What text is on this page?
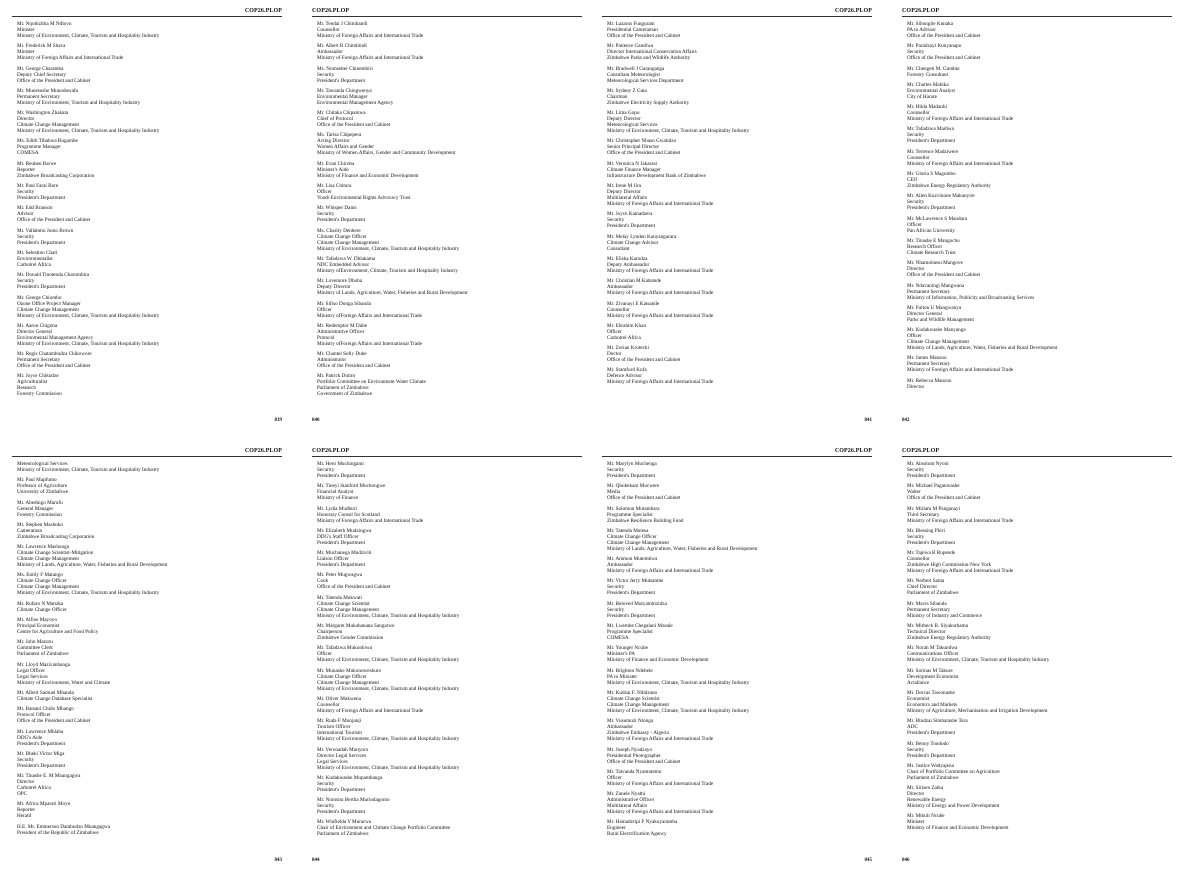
COP26.PLOP
Mr. Nqobizitha M Ndlovu
Minister
Ministry of Environment, Climate, Tourism and Hospitality Industry
Mr. Frederick M Shava
Minister
Ministry of Foreign Affairs and International Trade
Mr. George Charamba
Deputy Chief Secretary
Office of the President and Cabinet
Mr. Munesushe Munodawafa
Permanent Secretary
Ministry of Environment, Tourism and Hospitality Industry
Mr. Washington Zhakata
Director
Climate Change Management
Ministry of Environment, Climate, Tourism and Hospitality Industry
Ms. Edith Tibahwa Bugambe
Programme Manager
COMESA
Mr. Reuben Barwe
Reporter
Zimbabwe Broadcasting Corporation
Mr. Paul Farai Bore
Security
President's Department
Mr. Edd Branson
Advisor
Office of the President and Cabinet
Mr. Vallabmo Jonio Brown
Security
President's Department
Mr. Selestino Chari
Environmentalist
Carbotrel Africa
Mr. Donald Tinotenda Charumbira
Security
President's Department
Mr. George Chiombo
Ozone Office Project Manager
Climate Change Management
Ministry of Environment, Climate, Tourism and Hospitality Industry
Mr. Aaron Chigona
Director General
Environmental Management Agency
Ministry of Environment, Climate, Tourism and Hospitality Industry
Mr. Regis Chatambudza Chikowore
Permanent Secretary
Office of the President and Cabinet
Mr. Joyce Chikudze
Agriculturalist
Research
Forestry Commission
839
COP26.PLOP
Mr. Tendai J Chimbandi
Counsellor
Ministry of Foreign Affairs and International Trade
Mr. Albert R Chimbindi
Ambassador
Ministry of Foreign Affairs and International Trade
Ms. Nomsetter Chinembiri
Security
President's Department
Mr. Tawanda Chingwenya
Environmental Manager
Environmental Management Agency
Mr. Chitaka Chipamwa
Chief of Protocol
Office of the President and Cabinet
Ms. Tarisa Chipepera
Acting Director
Women Affairs and Gender
Ministry of Women Affairs, Gender and Community Development
Mr. Evan Chiroba
Minister's Aide
Ministry of Finance and Economic Development
Mr. Lisa Chitura
Officer
Youth Environmental Rights Advocacy Trust
Mr. Whisper Dams
Security
President's Department
Ms. Charity Denhere
Climate Change Officer
Climate Change Management
Ministry of Environment, Climate, Tourism and Hospitality Industry
Mr. Tafadzwa W. Dhlakama
NDC Embedded Advisor
Ministry ofEnvironment, Climate, Tourism and Hospitality Industry
Mr. Lovemore Dhoba
Deputy Director
Ministry of Lands, Agriculture, Water, Fisheries and Rural Development
Mr. Sifiso Donga Sibanda
Officer
Ministry ofForeign Affairs and International Trade
Mr. Redemptor M Dube
Administrative Officer
Protocol
Ministry ofForeign Affairs and International Trade
Mr. Chantel Solly Dube
Administrator
Office of the President and Cabinet
Mr. Patrick Dutiro
Portfolio Committee on Environment Water Climate
Parliament of Zimbabwe
Government of Zimbabwe
840
COP26.PLOP
Mr. Lazarus Fungurani
Presidential Cameraman
Office of the President and Cabinet
Mr. Patience Gandiwa
Director International Conservation Affairs
Zimbabwe Parks and Wildlife Authority
Mr. Bradwell J Garanganga
Consultant Meteorologist
Meteorological Services Department
Mr. Sydney Z Gata
Chairman
Zimbabwe Electricity Supply Authority
Mr. Lima Gopo
Deputy Director
Meteorological Services
Ministry of Environment, Climate, Tourism and Hospitality Industry
Mr. Christopher Nhaso Gwatidzo
Senior Principal Director
Office of the President and Cabinet
Mr. Veronica N Jakarasi
Climate Finance Manager
Infrastructure Development Bank of Zimbabwe
Mr. Irene M Jiru
Deputy Director
Multilateral Affairs
Ministry of Foreign Affairs and International Trade
Mr. Joyce Kamadzera
Security
President's Department
Mr. Melay Lynden Kanyangarara
Climate Change Advisor
Consultant
Mr. Elisha Karodza
Deputy Ambassador
Ministry of Foreign Affairs and International Trade
Mr. Christian M Katsande
Ambassador
Ministry of Foreign Affairs and International Trade
Mr. Zivanayi E Katsande
Counsellor
Ministry of Foreign Affairs and International Trade
Mr. Ebrahim Khan
Officer
Carbotrel Africa
Mr. Zorian Krotecki
Doctor
Office of the President and Cabinet
Mr. Stamford Kufa
Defence Advisor
Ministry of Foreign Affairs and International Trade
841
COP26.PLOP
Mr. Sibongile Kunaka
PA to Advisor
Office of the President and Cabinet
Mr. Paradzayi Kunyanapo
Security
Office of the President and Cabinet
Mr. Chengeti M. Gumbie
Forestry Consultant
Mr. Charles Mabika
Environmental Analyst
City of Harare
Mr. Hilda Madanhi
Counsellor
Ministry of Foreign Affairs and International Trade
Mr. Tafadzwa Madiwa
Security
President's Department
Mr. Terrence Madziwere
Counsellor
Ministry of Foreign Affairs and International Trade
Mr. Gloria S Magombo
CEO
Zimbabwe Energy Regulatory Authority
Mr. Allen Kuzvinone Makanyire
Security
President's Department
Mr. McLawrence S Mandara
Officer
Pan African University
Mr. Tinashe E Mangocho
Research Officer
Climate Research Trust
Mr. Nhamoinesu Mangove
Director
Office of the President and Cabinet
Mr. Ndavaningi Mangwana
Permanent Secretary
Ministry of Information, Publicity and Broadcasting Services
Mr. Fulton U Mangwanya
Director General
Parks and Wildlife Management
Mr. Kudakwashe Manyanga
Officer
Climate Change Management
Ministry of Lands, Agriculture, Water, Fisheries and Rural Development
Mr. James Manzou
Permanent Secretary
Ministry of Foreign Affairs and International Trade
Mr. Rebecca Manzou
Director
842
COP26.PLOP
Meteorological Services
Ministry of Environment, Climate, Tourism and Hospitality Industry
Mr. Paul Mapfumo
Professor of Agriculture
University of Zimbabwe
Mr. Abednigo Marufu
General Manager
Forestry Commission
Mr. Stephen Mashoko
Cameraman
Zimbabwe Broadcasting Corporation
Mr. Lawrence Mashungu
Climate Change Scientist-Mitigation
Climate Change Management
Ministry of Lands, Agriculture, Water, Fisheries and Rural Development
Ms. Emily F Matango
Climate Change Officer
Climate Change Management
Ministry of Environment, Climate, Tourism and Hospitality Industry
Mr. Rufaro N Matsika
Climate Change Officer
Mr. Alfios Mayoyo
Principal Economist
Centre for Agriculture and Food Policy
Mr. John Mazuru
Committee Clerk
Parliament of Zimbabwe
Mr. Lloyd Mazivanhanga
Legal Officer
Legal Services
Ministry of Environment, Water and Climate
Mr. Albert Samuel Mhanda
Climate Change Database Specialist
Mr. Batsani Chido Mhango
Protocol Officer
Office of the President and Cabinet
Mr. Lawrence Mhlaba
DDG's Aide
President's Department
Mr. Bheki Victor Miga
Security
President's Department
Mr. Tinashe E. M Mnangagwa
Director
Carbotrel Africa
OPC
Mr. Africa Mparari Moyo
Reporter
Herald
H.E. Mr. Emmerson Dambudzo Mnangagwa
President of the Republic of Zimbabwe
843
COP26.PLOP
Mr. Hero Muchingami
Security
President's Department
Mr. Tineyi Stanford Muchongwe
Financial Analyst
Ministry of Finance
Mr. Lydia Mudhuri
Honorary Consul for Scotland
Ministry of Foreign Affairs and International Trade
Mr. Elizabeth Mudzingwa
DDG's Staff Officer
President's Department
Mr. Muchanega Mudziviti
Liaison Officer
President's Department
Mr. Peter Mugwagwa
Cook
Office of the President and Cabinet
Mr. Tatenda Mukwati
Climate Change Scientist
Climate Change Management
Ministry of Environment, Climate, Tourism and Hospitality Industry
Mr. Margaret Mukahanana Sangarwe
Chairperson
Zimbabwe Gender Commission
Mr. Tafadzwa Mukonhiwa
Officer
Ministry of Environment, Climate, Tourism and Hospitality Industry
Mr. Munashe Mukonoweshuro
Climate Change Officer
Climate Change Management
Ministry of Environment, Climate, Tourism and Hospitality Industry
Mr. Oliver Mukwena
Counsellor
Ministry of Foreign Affairs and International Trade
Mr. Ruda F Munjanji
Tourism Officer
International Tourism
Ministry of Environment, Climate, Tourism and Hospitality Industry
Mr. Veronadah Munyoro
Director Legal Services
Legal Services
Ministry of Environment, Climate, Tourism and Hospitality Industry
Mr. Kudakwashe Mupambanga
Security
President's Department
Mr. Nomsitu Bertha Murindagomo
Security
President's Department
Mr. Winfielda Y Murarwa
Chair of Environment and Climate Change Portfolio Committee
Parliament of Zimbabwe
844
COP26.PLOP
Mr. Marylyn Muchenga
Security
President's Department
Mr. Qhubekani Mucwere
Media
Office of the President and Cabinet
Mr. Solomon Mutambara
Programme Specialist
Zimbabwe Resilience Building Fund
Mr. Tatenda Mutesa
Climate Change Officer
Climate Change Management
Ministry of Lands, Agriculture, Water, Fisheries and Rural Development
Mr. Ammon Mutembwa
Ambassador
Ministry of Foreign Affairs and International Trade
Mr. Victor Jerry Mutsambe
Security
President's Department
Mr. Beloved Mutyambizidza
Security
President's Department
Mr. Lwembe Chegalani Mzeale
Programme Specialist
COMESA
Mr. Younger Ncube
Minister's PA
Ministry of Finance and Economic Development
Mr. Brighton Ndebele
PA to Minister
Ministry of Environment, Climate, Tourism and Hospitality Industry
Mr. Kudzai F. Ndidzano
Climate Change Scientist
Climate Change Management
Ministry of Environment, Climate, Tourism and Hospitality Industry
Mr. Vusumuzi Ntonga
Ambassador
Zimbabwe Embassy - Algeria
Ministry of Foreign Affairs and International Trade
Mr. Joseph Nyadzayo
Presidential Photographer
Office of the President and Cabinet
Mr. Tatvanda Nyamutemo
Officer
Ministry of Foreign Affairs and International Trade
Mr. Zanele Nyathi
Administrative Officer
Multilateral Affairs
Ministry of Foreign Affairs and International Trade
Mr. Hamadzripi F Nyakuyaramba
Engineer
Rural Electrification Agency
845
COP26.PLOP
Mr. Absolom Nyoni
Security
President's Department
Mr. Michael Paganwashe
Waiter
Office of the President and Cabinet
Mr. Miriam M Panganayi
Third Secretary
Ministry of Foreign Affairs and International Trade
Mr. Blessing Phiri
Security
President's Department
Mr. Tapiwa R Rupende
Counsellor
Zimbabwe High Commission-New York
Ministry of Foreign Affairs and International Trade
Mr. Nerbert Sama
Chief Director
Parliament of Zimbabwe
Mr. Mavis Sibanda
Permanent Secretary
Ministry of Industry and Commerce
Mr. Mirbeck B. Siyakurhama
Technical Director
Zimbabwe Energy Regulatory Authority
Mr. Norah M Takundwa
Communications Officer
Ministry of Environment, Climate, Tourism and Hospitality Industry
Mr. Sorinas M Takure
Development Economist
Actallance
Mr. Dorcas Tawonashe
Economist
Economics and Markets
Ministry of Agriculture, Mechanisation and Irrigation Development
Mr. Bindzai Simbarashe Tera
ADC
President's Department
Mr. Benny Toododo
Security
President's Department
Mr. Justice Wadyajena
Chair of Portfolio Committee on Agriculture
Parliament of Zimbabwe
Mr. Sirisen Zaika
Director
Renewable Energy
Ministry of Energy and Power Development
Mr. Mthuli Ncube
Minister
Ministry of Finance and Economic Development
846
